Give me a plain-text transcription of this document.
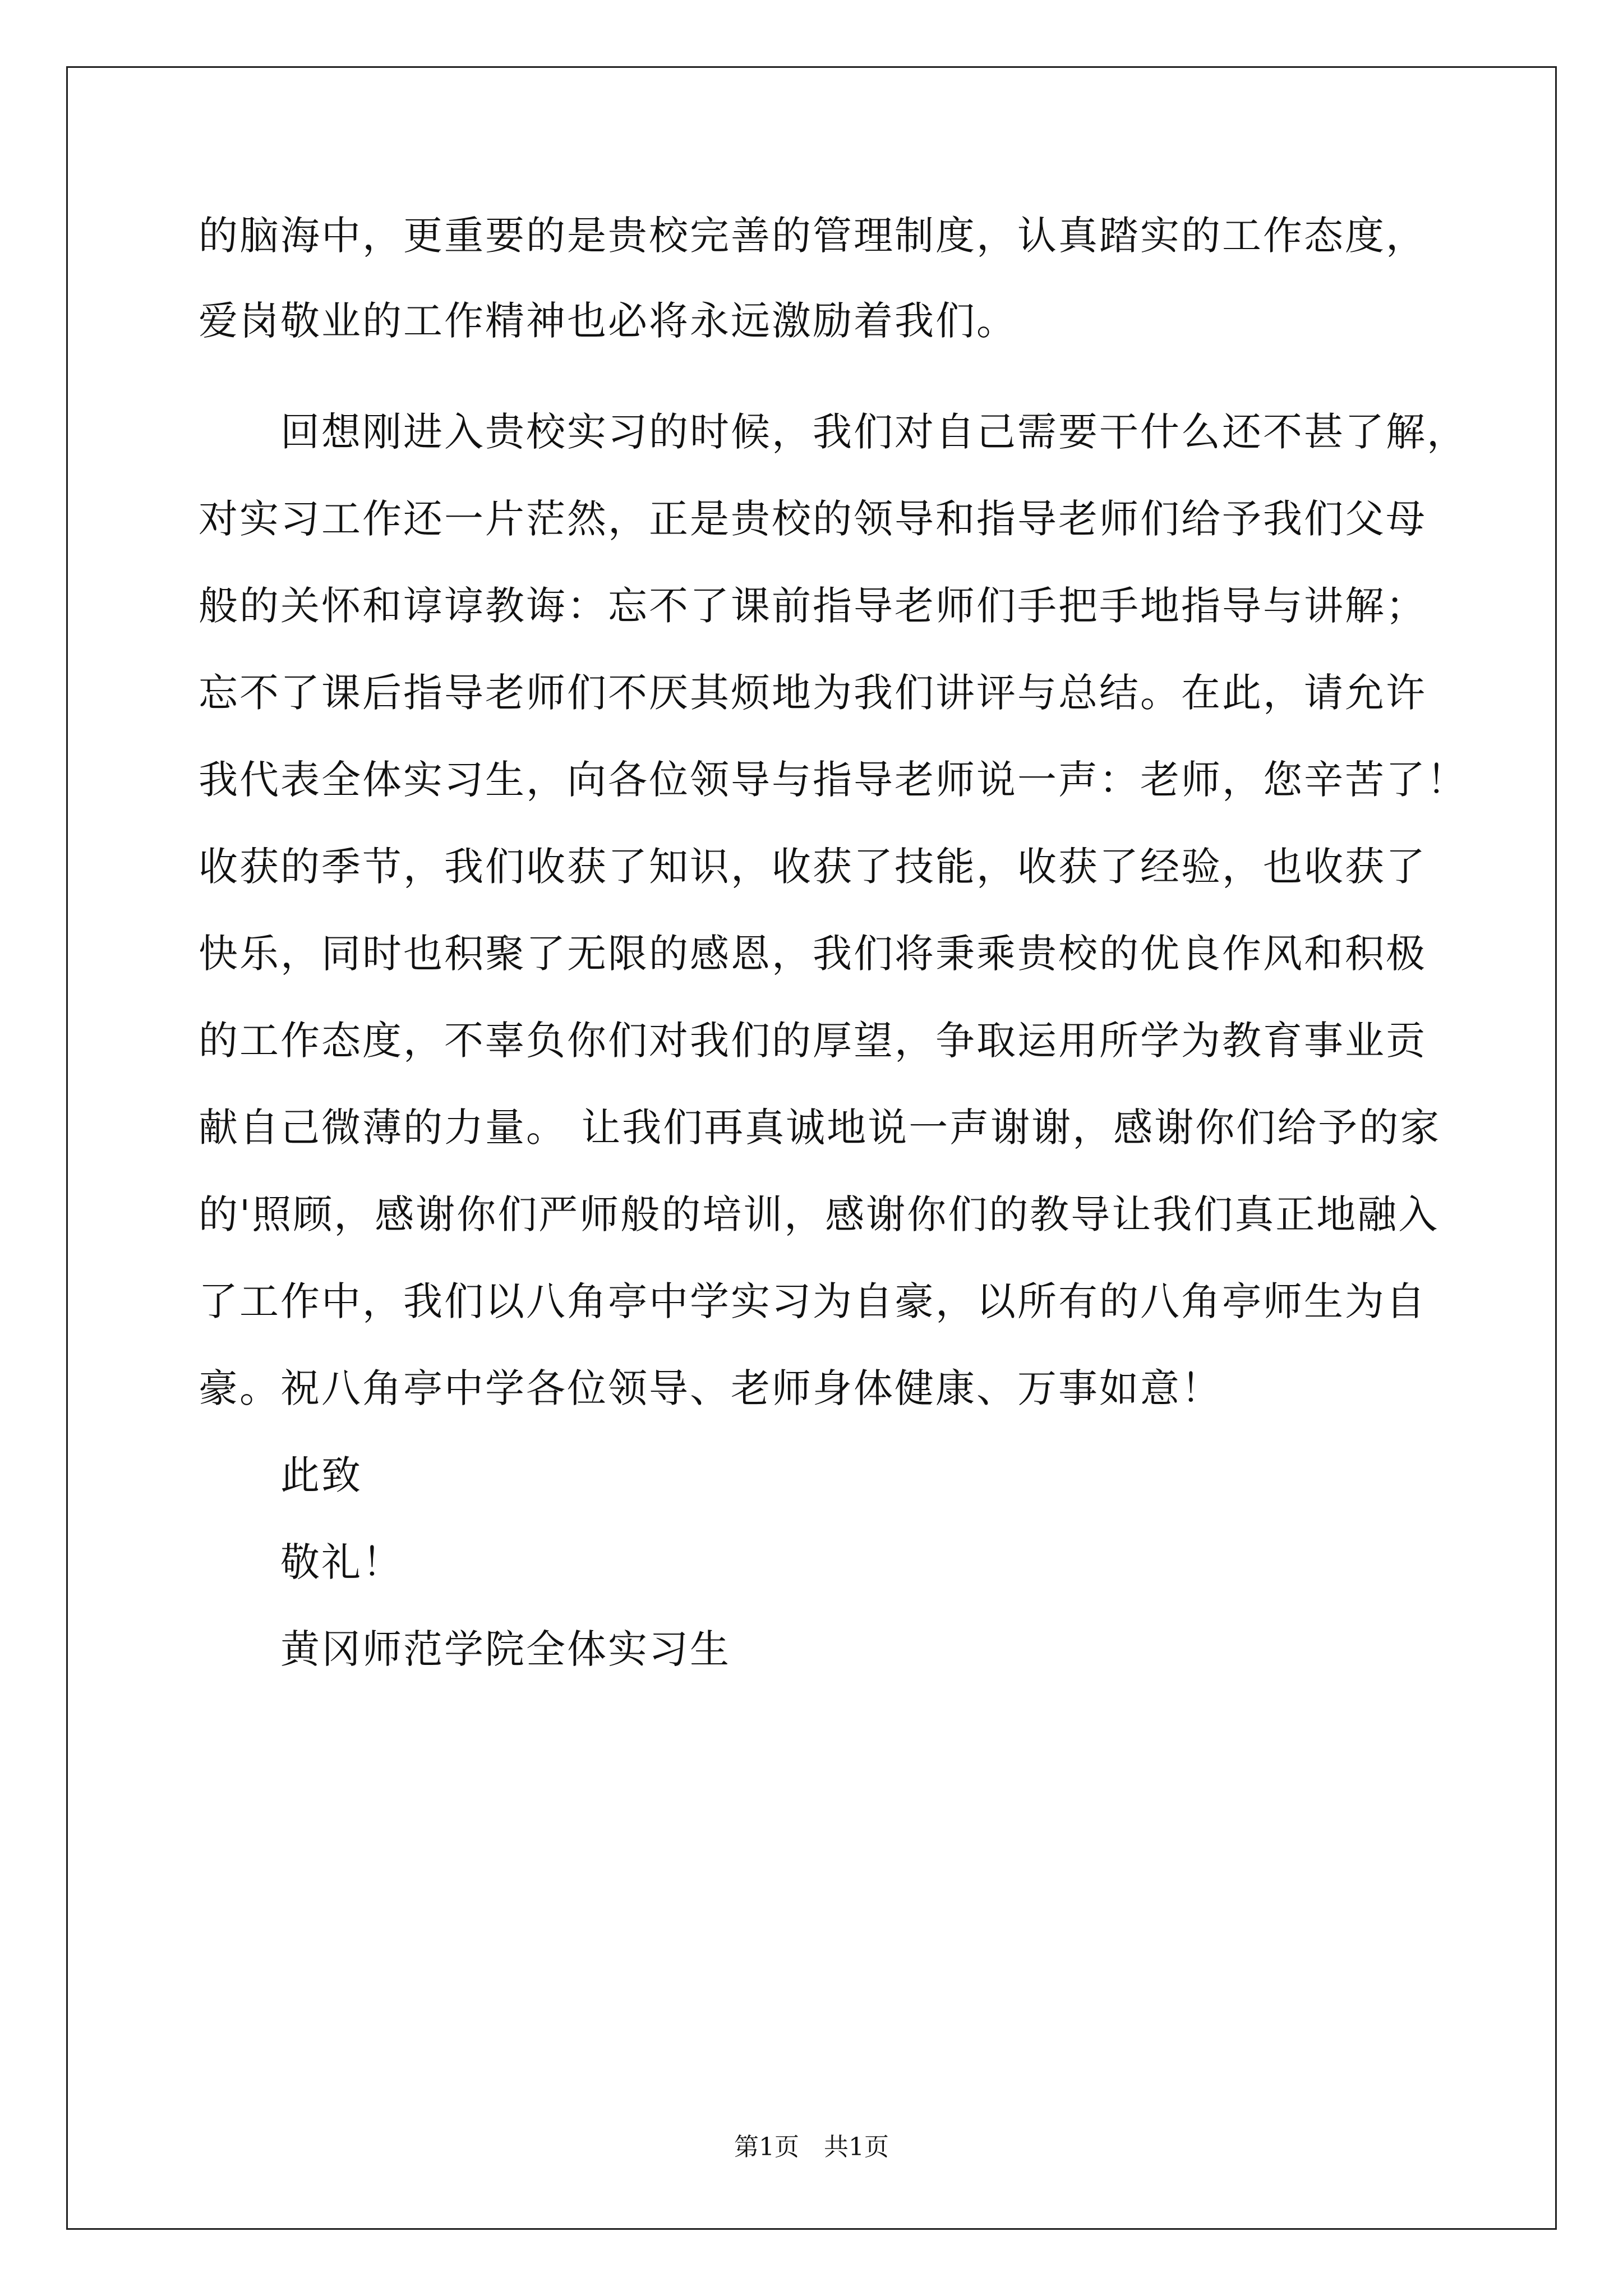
的脑海中，更重要的是贵校完善的管理制度，认真踏实的工作态度，
爱岗敬业的工作精神也必将永远激励着我们。
回想刚进入贵校实习的时候，我们对自己需要干什么还不甚了解，
对实习工作还一片茫然，正是贵校的领导和指导老师们给予我们父母
般的关怀和谆谆教诲：忘不了课前指导老师们手把手地指导与讲解；
忘不了课后指导老师们不厌其烦地为我们讲评与总结。在此，请允许
我代表全体实习生，向各位领导与指导老师说一声：老师，您辛苦了！
收获的季节，我们收获了知识，收获了技能，收获了经验，也收获了
快乐，同时也积聚了无限的感恩，我们将秉乘贵校的优良作风和积极
的工作态度，不辜负你们对我们的厚望，争取运用所学为教育事业贡
献自己微薄的力量。 让我们再真诚地说一声谢谢，感谢你们给予的家
的'照顾，感谢你们严师般的培训，感谢你们的教导让我们真正地融入
了工作中，我们以八角亭中学实习为自豪，以所有的八角亭师生为自
豪。祝八角亭中学各位领导、老师身体健康、万事如意！
此致
敬礼！
黄冈师范学院全体实习生
第1页　共1页
